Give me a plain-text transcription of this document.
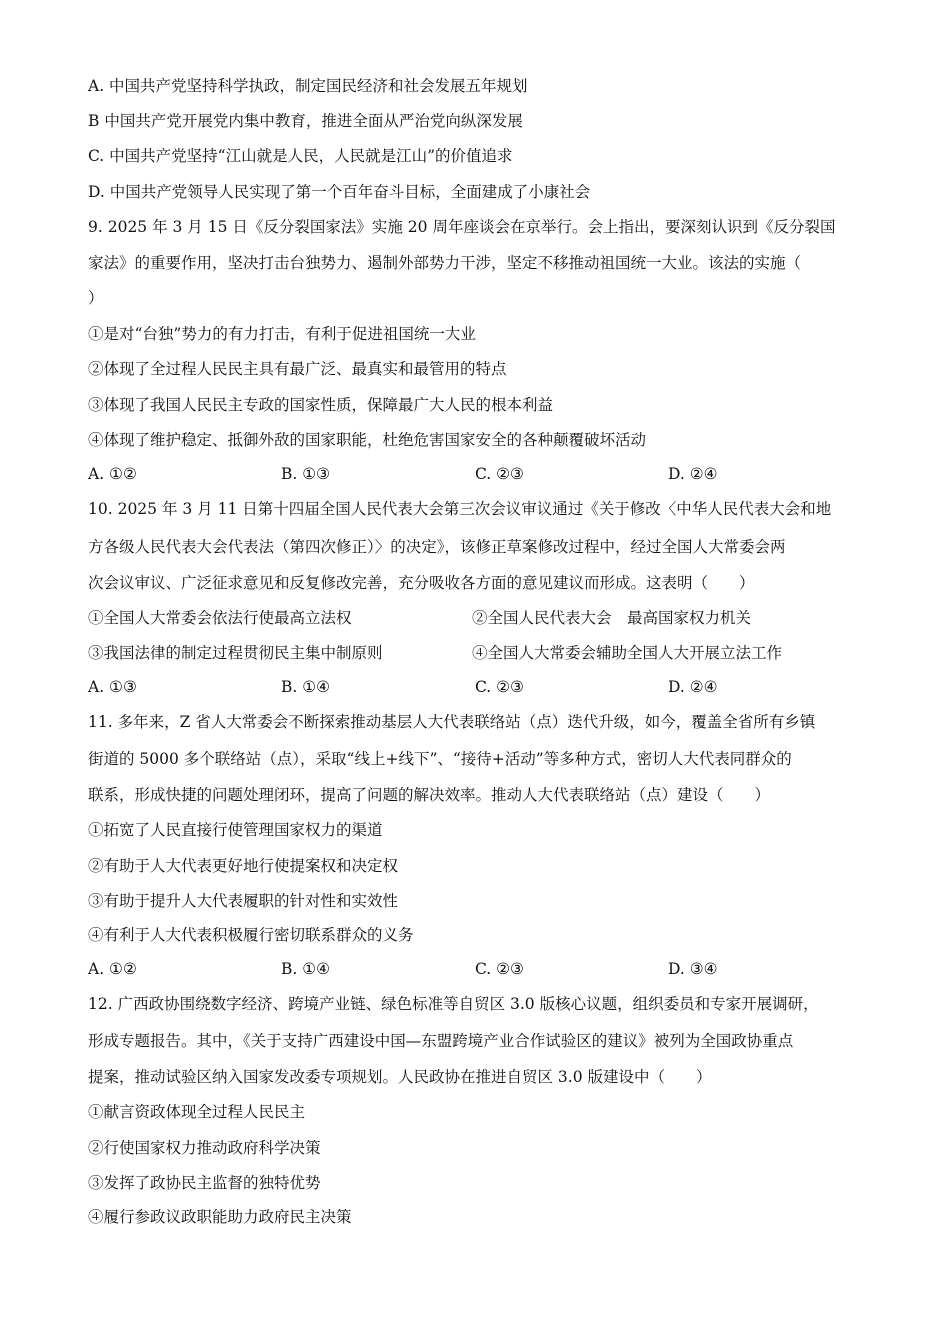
A. 中国共产党坚持科学执政，制定国民经济和社会发展五年规划
B 中国共产党开展党内集中教育，推进全面从严治党向纵深发展
C. 中国共产党坚持“江山就是人民，人民就是江山”的价值追求
D. 中国共产党领导人民实现了第一个百年奋斗目标，全面建成了小康社会
9. 2025 年 3 月 15 日《反分裂国家法》实施 20 周年座谈会在京举行。会上指出，要深刻认识到《反分裂国
家法》的重要作用，坚决打击台独势力、遏制外部势力干涉，坚定不移推动祖国统一大业。该法的实施（
）
①是对“台独”势力的有力打击，有利于促进祖国统一大业
②体现了全过程人民民主具有最广泛、最真实和最管用的特点
③体现了我国人民民主专政的国家性质，保障最广大人民的根本利益
④体现了维护稳定、抵御外敌的国家职能，杜绝危害国家安全的各种颠覆破坏活动
A. ①②	B. ①③	C. ②③	D. ②④
10. 2025 年 3 月 11 日第十四届全国人民代表大会第三次会议审议通过《关于修改〈中华人民代表大会和地
方各级人民代表大会代表法（第四次修正）〉的决定》，该修正草案修改过程中，经过全国人大常委会两
次会议审议、广泛征求意见和反复修改完善，充分吸收各方面的意见建议而形成。这表明（　　）
①全国人大常委会依法行使最高立法权	②全国人民代表大会　最高国家权力机关
③我国法律的制定过程贯彻民主集中制原则	④全国人大常委会辅助全国人大开展立法工作
A. ①③	B. ①④	C. ②③	D. ②④
11. 多年来，Z 省人大常委会不断探索推动基层人大代表联络站（点）迭代升级，如今，覆盖全省所有乡镇
街道的 5000 多个联络站（点），采取“线上+线下”、“接待+活动”等多种方式，密切人大代表同群众的
联系，形成快捷的问题处理闭环，提高了问题的解决效率。推动人大代表联络站（点）建设（　　）
①拓宽了人民直接行使管理国家权力的渠道
②有助于人大代表更好地行使提案权和决定权
③有助于提升人大代表履职的针对性和实效性
④有利于人大代表积极履行密切联系群众的义务
A. ①②	B. ①④	C. ②③	D. ③④
12. 广西政协围绕数字经济、跨境产业链、绿色标准等自贸区 3.0 版核心议题，组织委员和专家开展调研，
形成专题报告。其中，《关于支持广西建设中国—东盟跨境产业合作试验区的建议》被列为全国政协重点
提案，推动试验区纳入国家发改委专项规划。人民政协在推进自贸区 3.0 版建设中（　　）
①献言资政体现全过程人民民主
②行使国家权力推动政府科学决策
③发挥了政协民主监督的独特优势
④履行参政议政职能助力政府民主决策
